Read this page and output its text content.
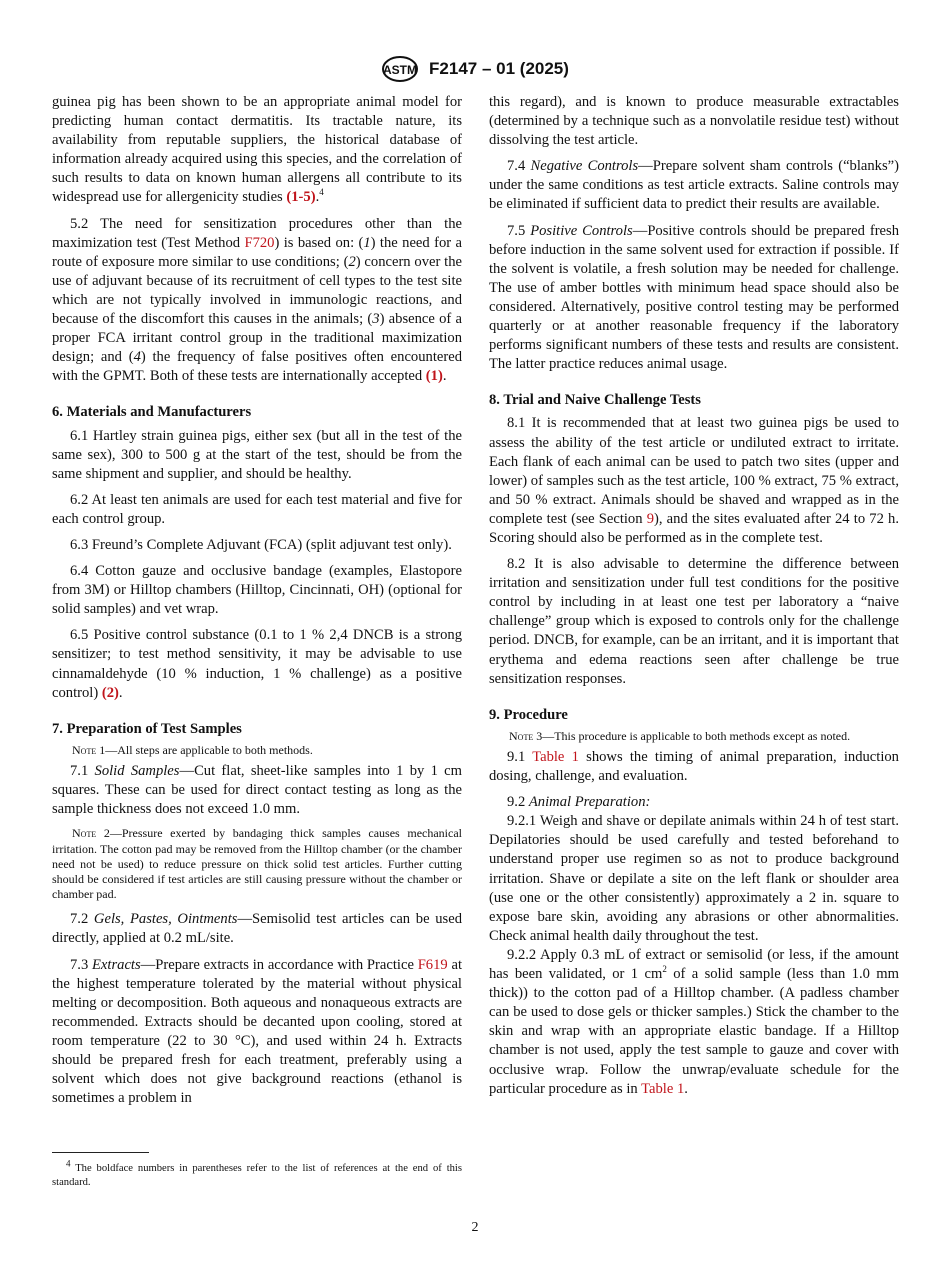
ASTM F2147 – 01 (2025)

guinea pig has been shown to be an appropriate animal model for predicting human contact dermatitis. Its tractable nature, its availability from reputable suppliers, the historical database of information already acquired using this species, and the correlation of such results to data on known human allergens all contribute to its widespread use for allergenicity studies (1-5).$^4$

5.2 The need for sensitization procedures other than the maximization test (Test Method F720) is based on: (1) the need for a route of exposure more similar to use conditions; (2) concern over the use of adjuvant because of its recruitment of cell types to the test site which are not typically involved in immunologic reactions, and because of the discomfort this causes in the animals; (3) absence of a proper FCA irritant control group in the traditional maximization design; and (4) the frequency of false positives often encountered with the GPMT. Both of these tests are internationally accepted (1).

6. Materials and Manufacturers

6.1 Hartley strain guinea pigs, either sex (but all in the test of the same sex), 300 to 500 g at the start of the test, should be from the same shipment and supplier, and should be healthy.

6.2 At least ten animals are used for each test material and five for each control group.

6.3 Freund’s Complete Adjuvant (FCA) (split adjuvant test only).

6.4 Cotton gauze and occlusive bandage (examples, Elastopore from 3M) or Hilltop chambers (Hilltop, Cincinnati, OH) (optional for solid samples) and vet wrap.

6.5 Positive control substance (0.1 to 1 % 2,4 DNCB is a strong sensitizer; to test method sensitivity, it may be advisable to use cinnamaldehyde (10 % induction, 1 % challenge) as a positive control) (2).

7. Preparation of Test Samples

Note 1—All steps are applicable to both methods.

7.1 Solid Samples—Cut flat, sheet-like samples into 1 by 1 cm squares. These can be used for direct contact testing as long as the sample thickness does not exceed 1.0 mm.

Note 2—Pressure exerted by bandaging thick samples causes mechanical irritation. The cotton pad may be removed from the Hilltop chamber (or the chamber need not be used) to reduce pressure on thick solid test articles. Further cutting should be considered if test articles are still causing pressure without the chamber or chamber pad.

7.2 Gels, Pastes, Ointments—Semisolid test articles can be used directly, applied at 0.2 mL/site.

7.3 Extracts—Prepare extracts in accordance with Practice F619 at the highest temperature tolerated by the material without physical melting or decomposition. Both aqueous and nonaqueous extracts are recommended. Extracts should be decanted upon cooling, stored at room temperature (22 to 30 °C), and used within 24 h. Extracts should be prepared fresh for each treatment, preferably using a solvent which does not give background reactions (ethanol is sometimes a problem in

this regard), and is known to produce measurable extractables (determined by a technique such as a nonvolatile residue test) without dissolving the test article.

7.4 Negative Controls—Prepare solvent sham controls (“blanks”) under the same conditions as test article extracts. Saline controls may be eliminated if sufficient data to predict their results are available.

7.5 Positive Controls—Positive controls should be prepared fresh before induction in the same solvent used for extraction if possible. If the solvent is volatile, a fresh solution may be needed for challenge. The use of amber bottles with minimum head space should also be considered. Alternatively, positive control testing may be performed quarterly or at another reasonable frequency if the laboratory performs significant numbers of these tests and results are consistent. The latter practice reduces animal usage.

8. Trial and Naive Challenge Tests

8.1 It is recommended that at least two guinea pigs be used to assess the ability of the test article or undiluted extract to irritate. Each flank of each animal can be used to patch two sites (upper and lower) of samples such as the test article, 100 % extract, 75 % extract, and 50 % extract. Animals should be shaved and wrapped as in the complete test (see Section 9), and the sites evaluated after 24 to 72 h. Scoring should also be performed as in the complete test.

8.2 It is also advisable to determine the difference between irritation and sensitization under full test conditions for the positive control by including in at least one test per laboratory a “naive challenge” group which is exposed to controls only for the challenge period. DNCB, for example, can be an irritant, and it is important that erythema and edema reactions seen after challenge be true sensitization responses.

9. Procedure

Note 3—This procedure is applicable to both methods except as noted.

9.1 Table 1 shows the timing of animal preparation, induction dosing, challenge, and evaluation.

9.2 Animal Preparation:

9.2.1 Weigh and shave or depilate animals within 24 h of test start. Depilatories should be used carefully and tested beforehand to understand proper use regimen so as not to produce background irritation. Shave or depilate a site on the left flank or shoulder area (use one or the other consistently) approximately a 2 in. square to expose bare skin, avoiding any abrasions or other abnormalities. Check animal health daily throughout the test.

9.2.2 Apply 0.3 mL of extract or semisolid (or less, if the amount has been validated, or 1 $cm^2$ of a solid sample (less than 1.0 mm thick)) to the cotton pad of a Hilltop chamber. (A padless chamber can be used to dose gels or thicker samples.) Stick the chamber to the skin and wrap with an appropriate elastic bandage. If a Hilltop chamber is not used, apply the test sample to gauze and cover with occlusive wrap. Follow the unwrap/evaluate schedule for the particular procedure as in Table 1.

$^4$ The boldface numbers in parentheses refer to the list of references at the end of this standard.
2
